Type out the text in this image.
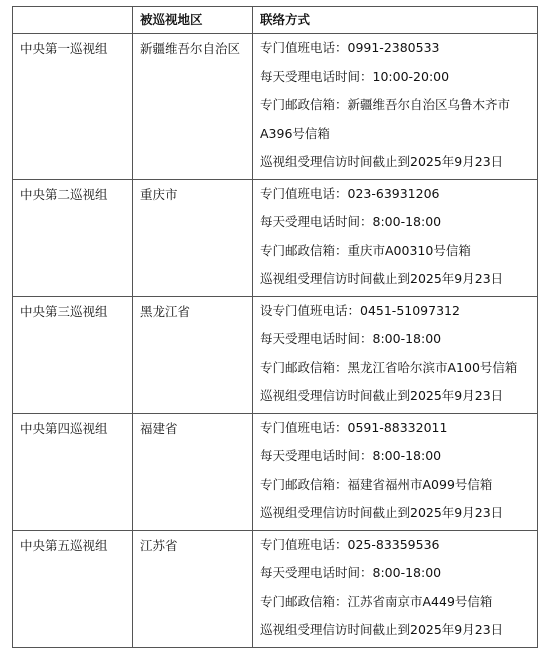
	被巡视地区	联络方式

中央第一巡视组	新疆维吾尔自治区	专门值班电话：0991-2380533
每天受理电话时间：10:00-20:00
专门邮政信箱：新疆维吾尔自治区乌鲁木齐市
A396号信箱
巡视组受理信访时间截止到2025年9月23日

中央第二巡视组	重庆市	专门值班电话：023-63931206
每天受理电话时间：8:00-18:00
专门邮政信箱：重庆市A00310号信箱
巡视组受理信访时间截止到2025年9月23日

中央第三巡视组	黑龙江省	设专门值班电话：0451-51097312
每天受理电话时间：8:00-18:00
专门邮政信箱：黑龙江省哈尔滨市A100号信箱
巡视组受理信访时间截止到2025年9月23日

中央第四巡视组	福建省	专门值班电话：0591-88332011
每天受理电话时间：8:00-18:00
专门邮政信箱：福建省福州市A099号信箱
巡视组受理信访时间截止到2025年9月23日

中央第五巡视组	江苏省	专门值班电话：025-83359536
每天受理电话时间：8:00-18:00
专门邮政信箱：江苏省南京市A449号信箱
巡视组受理信访时间截止到2025年9月23日
